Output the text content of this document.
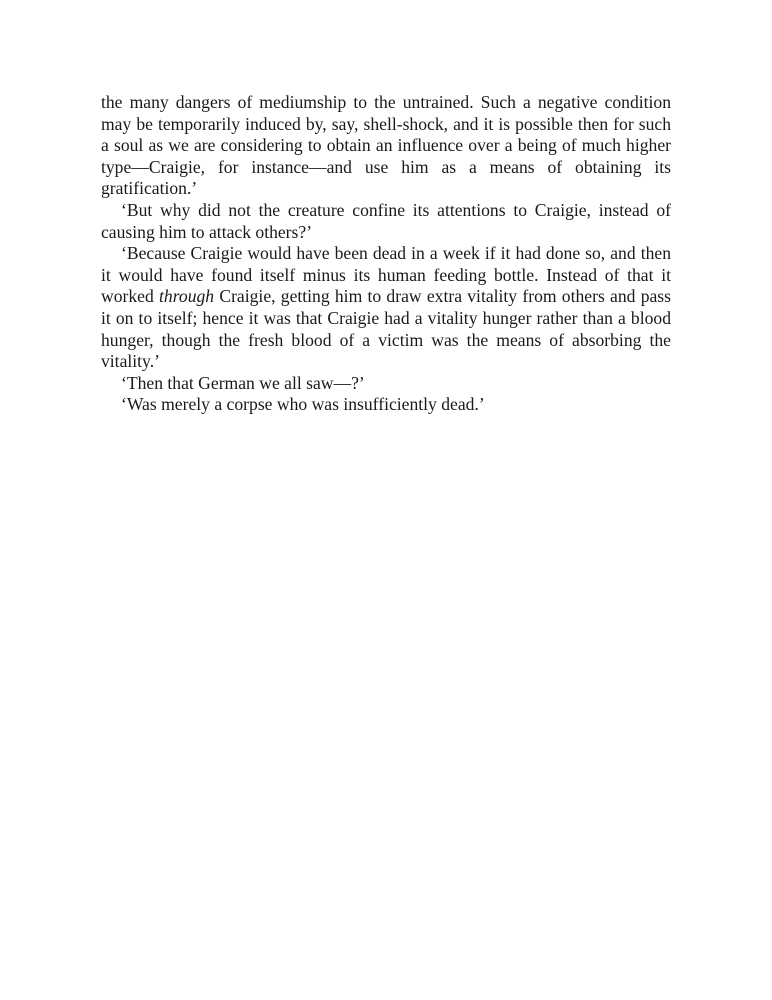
the many dangers of mediumship to the untrained. Such a negative condition may be temporarily induced by, say, shell-shock, and it is possible then for such a soul as we are considering to obtain an influence over a being of much higher type—Craigie, for instance—and use him as a means of obtaining its gratification.’

‘But why did not the creature confine its attentions to Craigie, instead of causing him to attack others?’

‘Because Craigie would have been dead in a week if it had done so, and then it would have found itself minus its human feeding bottle. Instead of that it worked through Craigie, getting him to draw extra vitality from others and pass it on to itself; hence it was that Craigie had a vitality hunger rather than a blood hunger, though the fresh blood of a victim was the means of absorbing the vitality.’

‘Then that German we all saw—?’

‘Was merely a corpse who was insufficiently dead.’
